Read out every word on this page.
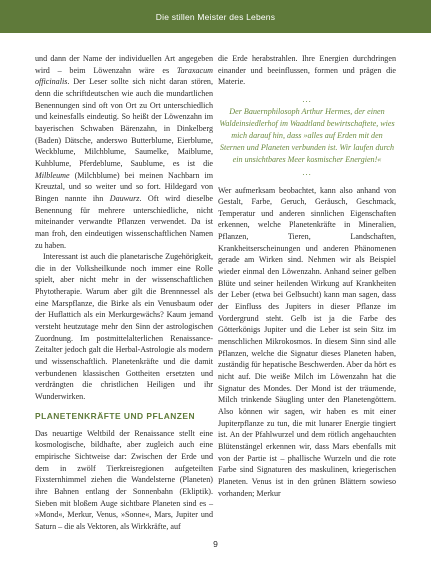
Die stillen Meister des Lebens

und dann der Name der individuellen Art angegeben wird – beim Löwenzahn wäre es Taraxacum officinalis. Der Leser sollte sich nicht daran stören, denn die schriftdeutschen wie auch die mundartlichen Benennungen sind oft von Ort zu Ort unterschiedlich und keinesfalls eindeutig. So heißt der Löwenzahn im bayerischen Schwaben Bärenzahn, in Dinkelberg (Baden) Dätsche, anderswo Butterblume, Eierblume, Weckblume, Milchblume, Saumelke, Maiblume, Kuhblume, Pferdeblume, Saublume, es ist die Milbleume (Milchblume) bei meinen Nachbarn im Kreuztal, und so weiter und so fort. Hildegard von Bingen nannte ihn Dauwurz. Oft wird dieselbe Benennung für mehrere unterschiedliche, nicht miteinander verwandte Pflanzen verwendet. Da ist man froh, den eindeutigen wissenschaftlichen Namen zu haben.

Interessant ist auch die planetarische Zugehörigkeit, die in der Volksheilkunde noch immer eine Rolle spielt, aber nicht mehr in der wissenschaftlichen Phytotherapie. Warum aber gilt die Brennnessel als eine Marspflanze, die Birke als ein Venusbaum oder der Huflattich als ein Merkurgewächs? Kaum jemand versteht heutzutage mehr den Sinn der astrologischen Zuordnung. Im postmittelalterlichen Renaissance-Zeitalter jedoch galt die Herbal-Astrologie als modern und wissenschaftlich. Planetenkräfte und die damit verbundenen klassischen Gottheiten ersetzten und verdrängten die christlichen Heiligen und ihr Wunderwirken.

PLANETENKRÄFTE UND PFLANZEN

Das neuartige Weltbild der Renaissance stellt eine kosmologische, bildhafte, aber zugleich auch eine empirische Sichtweise dar: Zwischen der Erde und dem in zwölf Tierkreisregionen aufgeteilten Fixsternhimmel ziehen die Wandelsterne (Planeten) ihre Bahnen entlang der Sonnenbahn (Ekliptik). Sieben mit bloßem Auge sichtbare Planeten sind es – »Mond«, Merkur, Venus, »Sonne«, Mars, Jupiter und Saturn – die als Vektoren, als Wirkkräfte, auf

die Erde herabstrahlen. Ihre Energien durchdringen einander und beeinflussen, formen und prägen die Materie.

...

Der Bauernphilosoph Arthur Hermes, der einen Waldeinsiedlerhof im Waadtland bewirtschaftete, wies mich darauf hin, dass »alles auf Erden mit den Sternen und Planeten verbunden ist. Wir laufen durch ein unsichtbares Meer kosmischer Energien!«

...

Wer aufmerksam beobachtet, kann also anhand von Gestalt, Farbe, Geruch, Geräusch, Geschmack, Temperatur und anderen sinnlichen Eigenschaften erkennen, welche Planetenkräfte in Mineralien, Pflanzen, Tieren, Landschaften, Krankheitserscheinungen und anderen Phänomenen gerade am Wirken sind. Nehmen wir als Beispiel wieder einmal den Löwenzahn. Anhand seiner gelben Blüte und seiner heilenden Wirkung auf Krankheiten der Leber (etwa bei Gelbsucht) kann man sagen, dass der Einfluss des Jupiters in dieser Pflanze im Vordergrund steht. Gelb ist ja die Farbe des Götterkönigs Jupiter und die Leber ist sein Sitz im menschlichen Mikrokosmos. In diesem Sinn sind alle Pflanzen, welche die Signatur dieses Planeten haben, zuständig für hepatische Beschwerden. Aber da hört es nicht auf. Die weiße Milch im Löwenzahn hat die Signatur des Mondes. Der Mond ist der träumende, Milch trinkende Säugling unter den Planetengöttern. Also können wir sagen, wir haben es mit einer Jupiterpflanze zu tun, die mit lunarer Energie tingiert ist. An der Pfahlwurzel und dem rötlich angehauchten Blütenstängel erkennen wir, dass Mars ebenfalls mit von der Partie ist – phallische Wurzeln und die rote Farbe sind Signaturen des maskulinen, kriegerischen Planeten. Venus ist in den grünen Blättern sowieso vorhanden; Merkur

9
